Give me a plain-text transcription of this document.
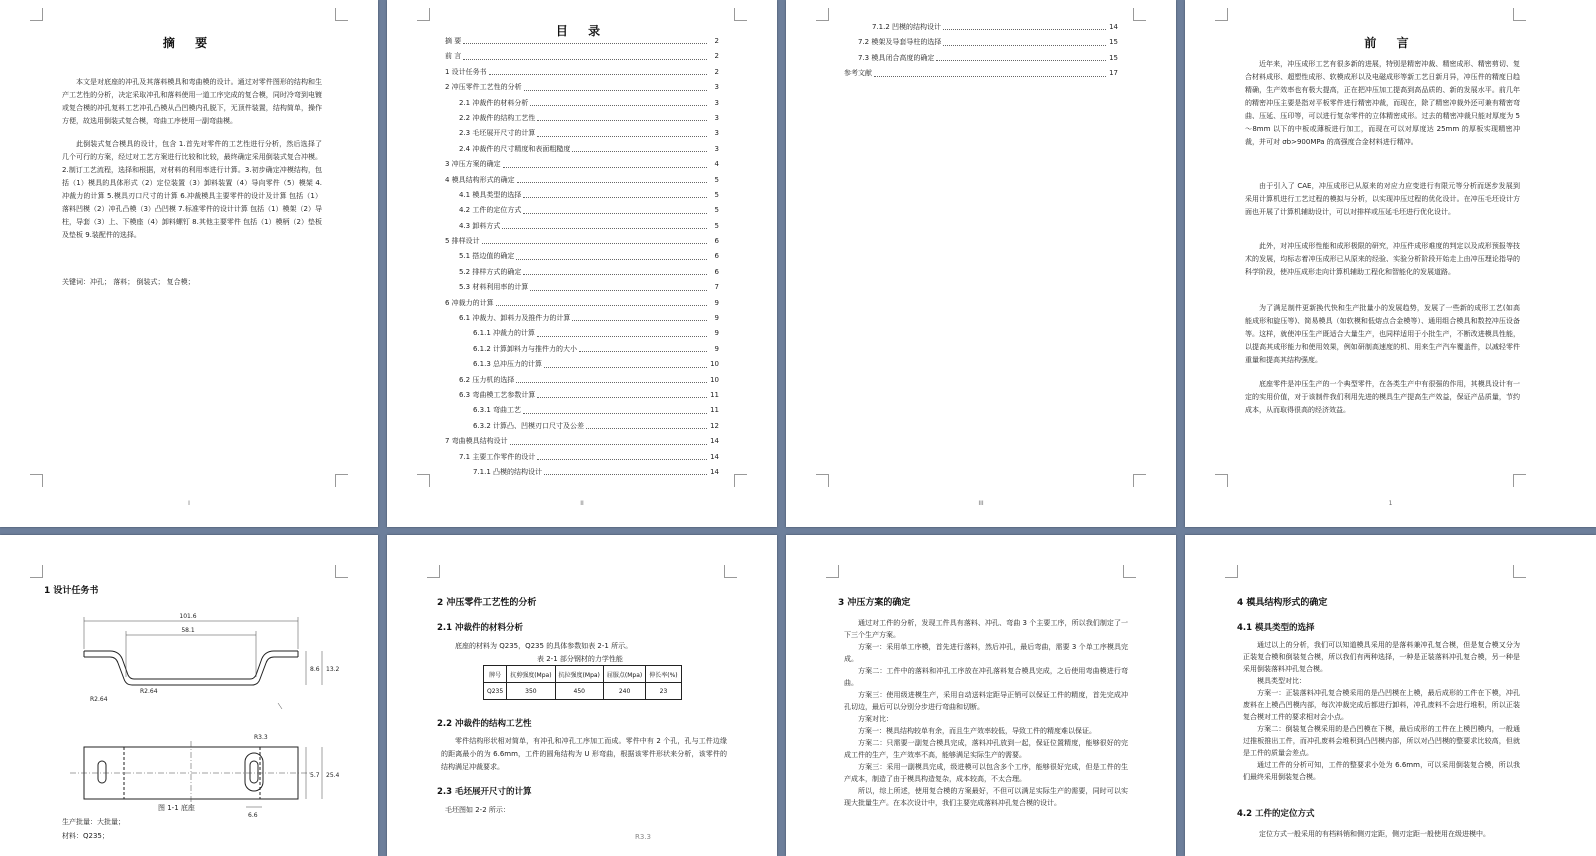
摘 要
本文是对底座的冲孔及其落料模具和弯曲模的设计。通过对零件图形的结构和生产工艺性的分析，决定采取冲孔和落料使用一道工序完成的复合模，同时冷弯到电镀或复合模的冲孔复料工艺冲孔凸模从凸凹模内孔脱下，无顶件装置，结构简单，操作方便，故选用倒装式复合模，弯曲工序使用一副弯曲模。
此倒装式复合模具的设计，包含 1.首先对零件的工艺性进行分析，然后选择了几个可行的方案，经过对工艺方案进行比较和比较，最终确定采用倒装式复合冲模。2.制订工艺流程，选择和根据，对材料的利用率进行计算。3.初步确定冲模结构，包括（1）模具的具体形式（2）定位装置（3）卸料装置（4）导向零件（5）模架 4.冲裁力的计算 5.模具刃口尺寸的计算 6.冲裁模具主要零件的设计及计算 包括（1）落料凹模（2）冲孔凸模（3）凸凹模 7.标准零件的设计计算 包括（1）模架（2）导柱，导套（3）上、下模座（4）卸料螺钉 8.其他主要零件 包括（1）模柄（2）垫板及垫板 9.装配件的选择。
关键词：冲孔； 落料； 倒装式； 复合模；
I
目 录
摘 要	2
前 言	2
1 设计任务书	2
2 冲压零件工艺性的分析	3
2.1 冲裁件的材料分析	3
2.2 冲裁件的结构工艺性	3
2.3 毛坯展开尺寸的计算	3
2.4 冲裁件的尺寸精度和表面粗糙度	3
3 冲压方案的确定	4
4 模具结构形式的确定	5
4.1 模具类型的选择	5
4.2 工件的定位方式	5
4.3 卸料方式	5
5 排样设计	6
5.1 搭边值的确定	6
5.2 排样方式的确定	6
5.3 材料利用率的计算	7
6 冲裁力的计算	9
6.1 冲裁力、卸料力及推件力的计算	9
6.1.1 冲裁力的计算	9
6.1.2 计算卸料力与推件力的大小	9
6.1.3 总冲压力的计算	10
6.2 压力机的选择	10
6.3 弯曲模工艺参数计算	11
6.3.1 弯曲工艺	11
6.3.2 计算凸、凹模刃口尺寸及公差	12
7 弯曲模具结构设计	14
7.1 主要工作零件的设计	14
7.1.1 凸模的结构设计	14
II
7.1.2 凹模的结构设计	14
7.2 模架及导套导柱的选择	15
7.3 模具闭合高度的确定	15
参考文献	17
III
前 言
近年来，冲压成形工艺有很多新的进展，特别是精密冲裁、精密成形、精密剪切、复合材料成形、超塑性成形、软模成形以及电磁成形等新工艺日新月异，冲压件的精度日趋精确，生产效率也有极大提高，正在把冲压加工提高到高品质的、新的发展水平。前几年的精密冲压主要是指对平板零件进行精密冲裁，而现在，除了精密冲裁外还可兼有精密弯曲、压延、压印等，可以进行复杂零件的立体精密成形。过去的精密冲裁只能对厚度为 5～8mm 以下的中板或薄板进行加工，而现在可以对厚度达 25mm 的厚板实现精密冲裁，并可对 σb>900MPa 的高强度合金材料进行精冲。
由于引入了 CAE，冲压成形已从原来的对应力应变进行有限元等分析而逐步发展到采用计算机进行工艺过程的模拟与分析，以实现冲压过程的优化设计。在冲压毛坯设计方面也开展了计算机辅助设计，可以对排样或压延毛坯进行优化设计。
此外，对冲压成形性能和成形极限的研究，冲压件成形难度的判定以及成形预报等技术的发展，均标志着冲压成形已从原来的经验、实验分析阶段开始走上由冲压理论指导的科学阶段，使冲压成形走向计算机辅助工程化和智能化的发展道路。
为了满足制件更新换代快和生产批量小的发展趋势，发展了一些新的成形工艺(如高能成形和旋压等)、简易模具（如软模和低熔点合金模等）、通用组合模具和数控冲压设备等。这样，就使冲压生产既适合大量生产，也同样适用于小批生产，不断改进模具性能，以提高其成形能力和使用效果，例如研制高速度的机、用来生产汽车覆盖件，以减轻零件重量和提高其结构强度。
底座零件是冲压生产的一个典型零件，在各类生产中有很强的作用，其模具设计有一定的实用价值，对于该制件我们利用先进的模具生产提高生产效益，保证产品质量，节约成本，从而取得很高的经济效益。
1
1 设计任务书
101.6
58.1
R2.64
R2.64
8.6 13.2
R3.3
5.7 25.4
6.6
图 1-1 底座
生产批量：大批量；
材料：Q235；
2 冲压零件工艺性的分析
2.1 冲裁件的材料分析
底座的材料为 Q235，Q235 的具体参数如表 2-1 所示。
表 2-1 部分钢材的力学性能
牌号	抗剪强度(Mpa)	抗拉强度(Mpa)	屈服点(Mpa)	伸长率(%)
Q235	350	450	240	23
2.2 冲裁件的结构工艺性
零件结构形状相对简单，有冲孔和冲孔工序加工而成。零件中有 2 个孔，孔与工件边缘的距离最小的为 6.6mm，工件的圆角结构为 U 形弯曲，根据该零件形状来分析，该零件的结构满足冲裁要求。
2.3 毛坯展开尺寸的计算
毛坯图如 2-2 所示：
R3.3
3 冲压方案的确定
通过对工件的分析，发现工件具有落料、冲孔、弯曲 3 个主要工序，所以我们制定了一下三个生产方案。
方案一：采用单工序模，首先进行落料，然后冲孔，最后弯曲，需要 3 个单工序模具完成。
方案二：工件中的落料和冲孔工序放在冲孔落料复合模具完成，之后使用弯曲模进行弯曲。
方案三：使用级进模生产，采用自动送料定距导正销可以保证工件的精度，首先完成冲孔切边，最后可以分别分步进行弯曲和切断。
方案对比：
方案一：模具结构较单有余，而且生产效率较低，导致工件的精度难以保证。
方案二：只需要一副复合模具完成，落料冲孔放到一起，保证位置精度，能够很好的完成工件的生产，生产效率不高，能够满足实际生产的需要。
方案三：采用一副模具完成，级进模可以包含多个工序，能够很好完成，但是工件的生产成本，制造了由于模具构造复杂，成本较高，不太合理。
所以，综上所述，使用复合模的方案最好，不但可以满足实际生产的需要，同时可以实现大批量生产。在本次设计中，我们主要完成落料冲孔复合模的设计。
4 模具结构形式的确定
4.1 模具类型的选择
通过以上的分析，我们可以知道模具采用的是落料兼冲孔复合模，但是复合模又分为正装复合模和倒装复合模，所以我们有两种选择，一种是正装落料冲孔复合模，另一种是采用倒装落料冲孔复合模。
模具类型对比：
方案一：正装落料冲孔复合模采用的是凸凹模在上模，最后成形的工件在下模，冲孔废料在上模凸凹模内部，每次冲裁完成后都进行卸料，冲孔废料不会进行堆积，所以正装复合模对工件的要求相对会小点。
方案二：倒装复合模采用的是凸凹模在下模，最后成形的工件在上模凹模内，一般通过推板推出工件，而冲孔废料会堆积到凸凹模内部，所以对凸凹模的整要求比较高，但就是工件的质量会差点。
通过工件的分析可知，工件的整要求小处为 6.6mm，可以采用倒装复合模，所以我们最终采用倒装复合模。
4.2 工件的定位方式
定位方式一般采用的有档料销和侧刃定距，侧刃定距一般使用在级进模中。
